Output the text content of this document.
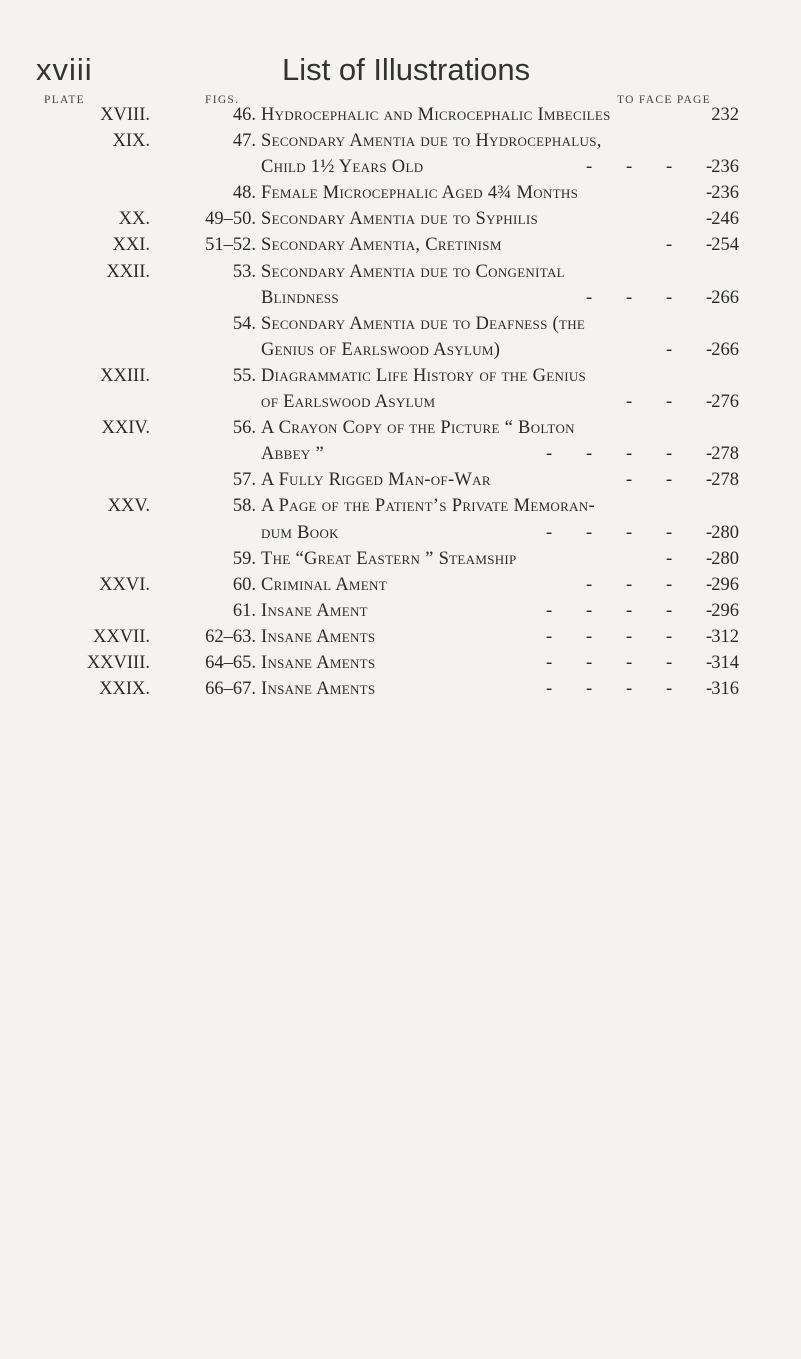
xviii	List of Illustrations
PLATE	FIGS.	TO FACE PAGE
XVIII.	46. Hydrocephalic and Microcephalic Imbeciles	232
XIX.	47. Secondary Amentia due to Hydrocephalus,
Child 1½ Years Old	236
- - - -
48. Female Microcephalic Aged 4¾ Months	236
-
XX.	49–50. Secondary Amentia due to Syphilis	246
-
XXI.	51–52. Secondary Amentia, Cretinism	254
- -
XXII.	53. Secondary Amentia due to Congenital
Blindness	266
- - - -
54. Secondary Amentia due to Deafness (the
Genius of Earlswood Asylum)	266
- -
XXIII.	55. Diagrammatic Life History of the Genius
of Earlswood Asylum	276
- - -
XXIV.	56. A Crayon Copy of the Picture “ Bolton
Abbey ”	278
- - - - -
57. A Fully Rigged Man-of-War	278
- - -
XXV.	58. A Page of the Patient’s Private Memoran-
dum Book	280
- - - - -
59. The “Great Eastern ” Steamship	280
- -
XXVI.	60. Criminal Ament	296
- - - -
61. Insane Ament	296
- - - - -
XXVII.	62–63. Insane Aments	312
- - - - -
XXVIII.	64–65. Insane Aments	314
- - - - -
XXIX.	66–67. Insane Aments	316
- - - - -
